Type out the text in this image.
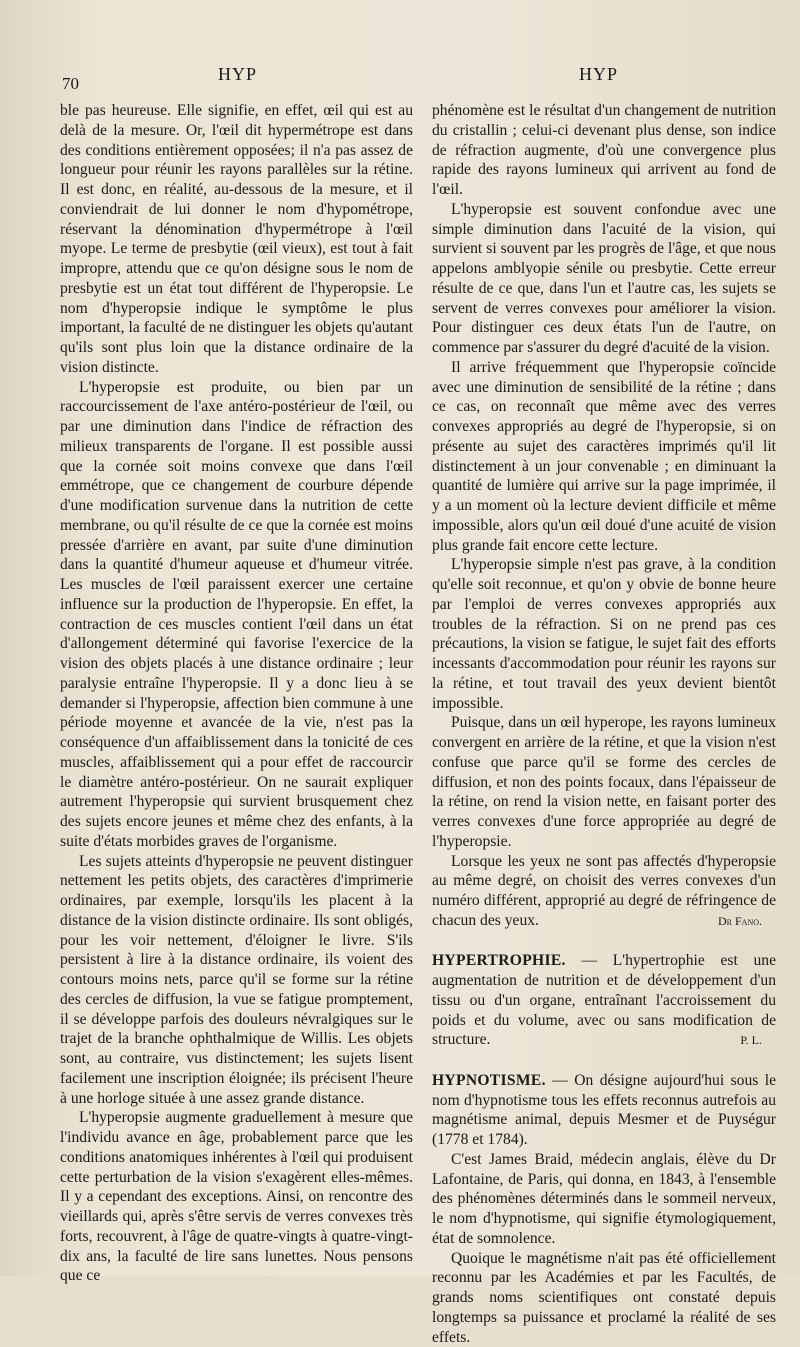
70	HYP	HYP

ble pas heureuse. Elle signifie, en effet, œil qui est au delà de la mesure. Or, l'œil dit hypermétrope est dans des conditions entièrement opposées; il n'a pas assez de longueur pour réunir les rayons parallèles sur la rétine. Il est donc, en réalité, au-dessous de la mesure, et il conviendrait de lui donner le nom d'hypométrope, réservant la dénomination d'hypermétrope à l'œil myope. Le terme de presbytie (œil vieux), est tout à fait impropre, attendu que ce qu'on désigne sous le nom de presbytie est un état tout différent de l'hyperopsie. Le nom d'hyperopsie indique le symptôme le plus important, la faculté de ne distinguer les objets qu'autant qu'ils sont plus loin que la distance ordinaire de la vision distincte.

L'hyperopsie est produite, ou bien par un raccourcissement de l'axe antéro-postérieur de l'œil, ou par une diminution dans l'indice de réfraction des milieux transparents de l'organe. Il est possible aussi que la cornée soit moins convexe que dans l'œil emmétrope, que ce changement de courbure dépende d'une modification survenue dans la nutrition de cette membrane, ou qu'il résulte de ce que la cornée est moins pressée d'arrière en avant, par suite d'une diminution dans la quantité d'humeur aqueuse et d'humeur vitrée. Les muscles de l'œil paraissent exercer une certaine influence sur la production de l'hyperopsie. En effet, la contraction de ces muscles contient l'œil dans un état d'allongement déterminé qui favorise l'exercice de la vision des objets placés à une distance ordinaire ; leur paralysie entraîne l'hyperopsie. Il y a donc lieu à se demander si l'hyperopsie, affection bien commune à une période moyenne et avancée de la vie, n'est pas la conséquence d'un affaiblissement dans la tonicité de ces muscles, affaiblissement qui a pour effet de raccourcir le diamètre antéro-postérieur. On ne saurait expliquer autrement l'hyperopsie qui survient brusquement chez des sujets encore jeunes et même chez des enfants, à la suite d'états morbides graves de l'organisme.

Les sujets atteints d'hyperopsie ne peuvent distinguer nettement les petits objets, des caractères d'imprimerie ordinaires, par exemple, lorsqu'ils les placent à la distance de la vision distincte ordinaire. Ils sont obligés, pour les voir nettement, d'éloigner le livre. S'ils persistent à lire à la distance ordinaire, ils voient des contours moins nets, parce qu'il se forme sur la rétine des cercles de diffusion, la vue se fatigue promptement, il se développe parfois des douleurs névralgiques sur le trajet de la branche ophthalmique de Willis. Les objets sont, au contraire, vus distinctement; les sujets lisent facilement une inscription éloignée; ils précisent l'heure à une horloge située à une assez grande distance.

L'hyperopsie augmente graduellement à mesure que l'individu avance en âge, probablement parce que les conditions anatomiques inhérentes à l'œil qui produisent cette perturbation de la vision s'exagèrent elles-mêmes. Il y a cependant des exceptions. Ainsi, on rencontre des vieillards qui, après s'être servis de verres convexes très forts, recouvrent, à l'âge de quatre-vingts à quatre-vingt-dix ans, la faculté de lire sans lunettes. Nous pensons que ce

phénomène est le résultat d'un changement de nutrition du cristallin ; celui-ci devenant plus dense, son indice de réfraction augmente, d'où une convergence plus rapide des rayons lumineux qui arrivent au fond de l'œil.

L'hyperopsie est souvent confondue avec une simple diminution dans l'acuité de la vision, qui survient si souvent par les progrès de l'âge, et que nous appelons amblyopie sénile ou presbytie. Cette erreur résulte de ce que, dans l'un et l'autre cas, les sujets se servent de verres convexes pour améliorer la vision. Pour distinguer ces deux états l'un de l'autre, on commence par s'assurer du degré d'acuité de la vision.

Il arrive fréquemment que l'hyperopsie coïncide avec une diminution de sensibilité de la rétine ; dans ce cas, on reconnaît que même avec des verres convexes appropriés au degré de l'hyperopsie, si on présente au sujet des caractères imprimés qu'il lit distinctement à un jour convenable ; en diminuant la quantité de lumière qui arrive sur la page imprimée, il y a un moment où la lecture devient difficile et même impossible, alors qu'un œil doué d'une acuité de vision plus grande fait encore cette lecture.

L'hyperopsie simple n'est pas grave, à la condition qu'elle soit reconnue, et qu'on y obvie de bonne heure par l'emploi de verres convexes appropriés aux troubles de la réfraction. Si on ne prend pas ces précautions, la vision se fatigue, le sujet fait des efforts incessants d'accommodation pour réunir les rayons sur la rétine, et tout travail des yeux devient bientôt impossible.

Puisque, dans un œil hyperope, les rayons lumineux convergent en arrière de la rétine, et que la vision n'est confuse que parce qu'il se forme des cercles de diffusion, et non des points focaux, dans l'épaisseur de la rétine, on rend la vision nette, en faisant porter des verres convexes d'une force appropriée au degré de l'hyperopsie.

Lorsque les yeux ne sont pas affectés d'hyperopsie au même degré, on choisit des verres convexes d'un numéro différent, approprié au degré de réfringence de chacun des yeux.	Dr Fano.

HYPERTROPHIE. — L'hypertrophie est une augmentation de nutrition et de développement d'un tissu ou d'un organe, entraînant l'accroissement du poids et du volume, avec ou sans modification de structure.	P. L.

HYPNOTISME. — On désigne aujourd'hui sous le nom d'hypnotisme tous les effets reconnus autrefois au magnétisme animal, depuis Mesmer et de Puységur (1778 et 1784).

C'est James Braid, médecin anglais, élève du Dr Lafontaine, de Paris, qui donna, en 1843, à l'ensemble des phénomènes déterminés dans le sommeil nerveux, le nom d'hypnotisme, qui signifie étymologiquement, état de somnolence.

Quoique le magnétisme n'ait pas été officiellement reconnu par les Académies et par les Facultés, de grands noms scientifiques ont constaté depuis longtemps sa puissance et proclamé la réalité de ses effets.
